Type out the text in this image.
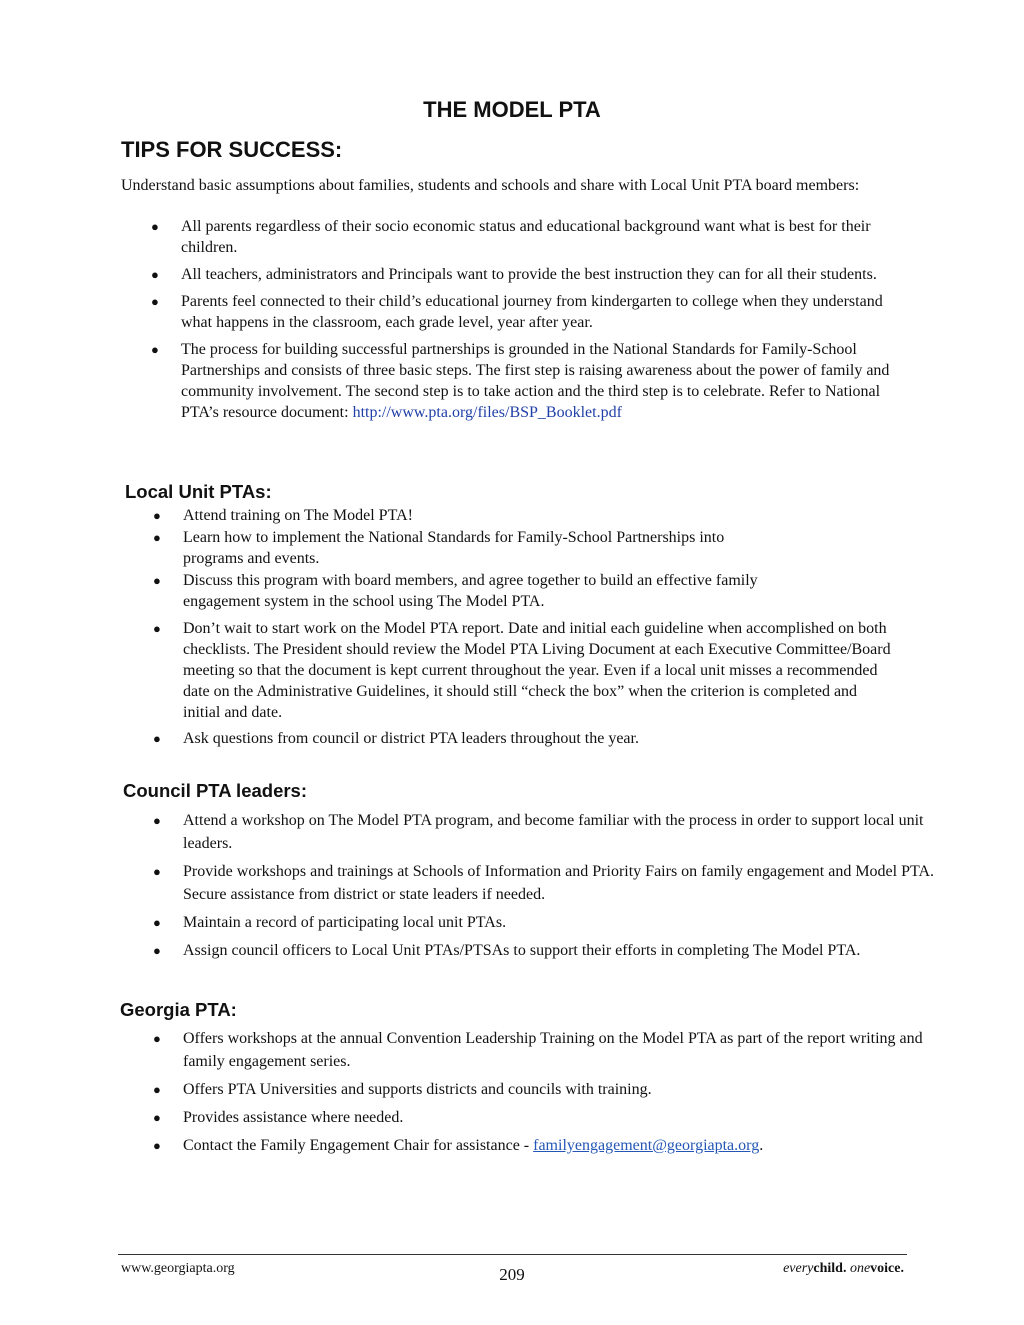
THE MODEL PTA
TIPS FOR SUCCESS:
Understand basic assumptions about families, students and schools and share with Local Unit PTA board members:
● All parents regardless of their socio economic status and educational background want what is best for their children.
● All teachers, administrators and Principals want to provide the best instruction they can for all their students.
● Parents feel connected to their child’s educational journey from kindergarten to college when they understand what happens in the classroom, each grade level, year after year.
● The process for building successful partnerships is grounded in the National Standards for Family-School Partnerships and consists of three basic steps. The first step is raising awareness about the power of family and community involvement. The second step is to take action and the third step is to celebrate. Refer to National PTA’s resource document: http://www.pta.org/files/BSP_Booklet.pdf
Local Unit PTAs:
● Attend training on The Model PTA!
● Learn how to implement the National Standards for Family-School Partnerships into programs and events.
● Discuss this program with board members, and agree together to build an effective family engagement system in the school using The Model PTA.
● Don’t wait to start work on the Model PTA report. Date and initial each guideline when accomplished on both checklists. The President should review the Model PTA Living Document at each Executive Committee/Board meeting so that the document is kept current throughout the year. Even if a local unit misses a recommended date on the Administrative Guidelines, it should still “check the box” when the criterion is completed and initial and date.
● Ask questions from council or district PTA leaders throughout the year.
Council PTA leaders:
● Attend a workshop on The Model PTA program, and become familiar with the process in order to support local unit leaders.
● Provide workshops and trainings at Schools of Information and Priority Fairs on family engagement and Model PTA. Secure assistance from district or state leaders if needed.
● Maintain a record of participating local unit PTAs.
● Assign council officers to Local Unit PTAs/PTSAs to support their efforts in completing The Model PTA.
Georgia PTA:
● Offers workshops at the annual Convention Leadership Training on the Model PTA as part of the report writing and family engagement series.
● Offers PTA Universities and supports districts and councils with training.
● Provides assistance where needed.
● Contact the Family Engagement Chair for assistance - familyengagement@georgiapta.org.
www.georgiapta.org	209	everychild. onevoice.
